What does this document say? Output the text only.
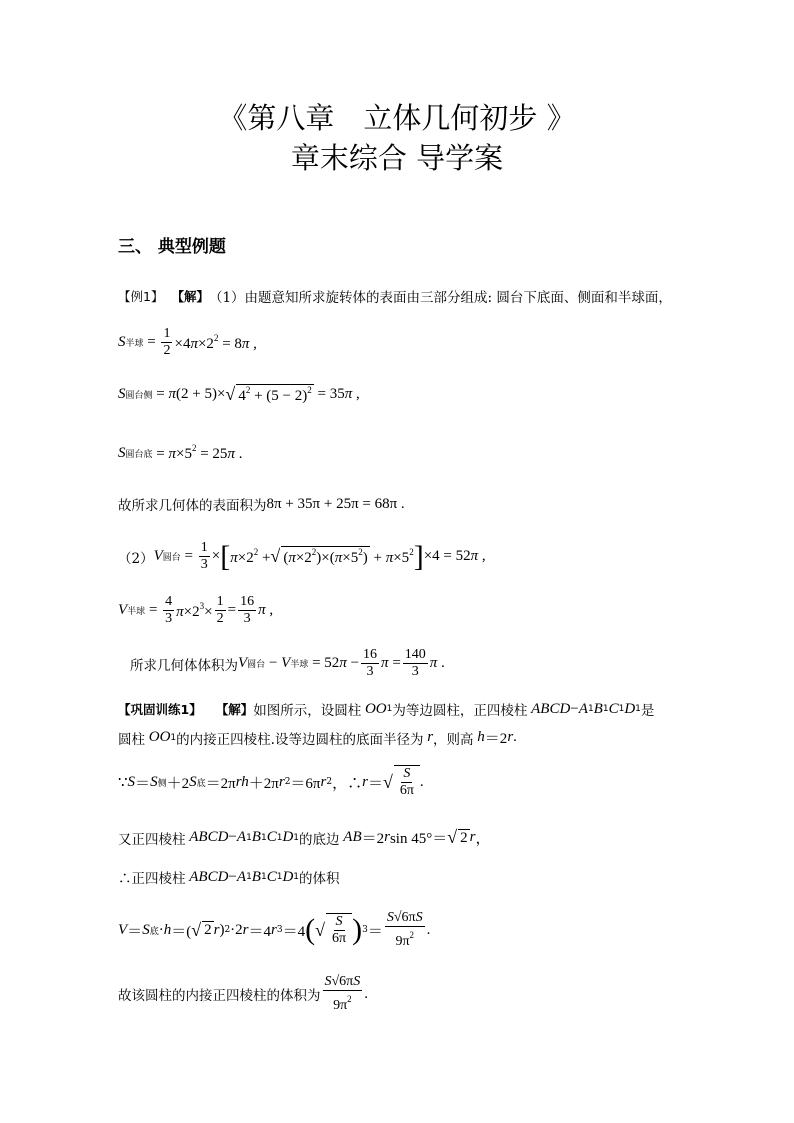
《第八章　立体几何初步 》
章末综合 导学案
三、 典型例题
【例1】 【解】 （1）由题意知所求旋转体的表面由三部分组成: 圆台下底面、侧面和半球面，
S 半球 = $\frac{1}{2} \times 4\pi\times 2^2 = 8\pi$ ,
S 圆台侧 = π(2 + 5)× √ $4^2 + (5 - 2)^2 = 35\pi$ ,
S 圆台底 = $\pi\times 5^2 = 25\pi$ .
故所求几何体的表面积为 8π + 35π + 25π = 68π .
（2） V 圆台 = $\frac{1}{3}$ × [ $\pi\times 2^2$ + √ $(\pi\times 2^2)\times(\pi\times 5^2) + \pi\times 5^2$ ] ×4 = 52π ,
V 半球 = $\frac{4}{3} \pi\times 2^3\times \frac{1}{2} = \frac{16}{3}$ π ,
所求几何体体积为 V 圆台 − V 半球 = $52\pi - \frac{16}{3}$ $\pi = \frac{140}{3}$ π .
【巩固训练1】 【解】 如图所示，设圆柱 OO 1 为等边圆柱，正四棱柱 ABCD − A 1 B 1 C 1 D 1 是
圆柱 OO 1 的内接正四棱柱.设等边圆柱的底面半径为 r ，则高 h ＝2 r .
∵ S ＝ S 侧 ＋2 S 底 ＝2π rh ＋2π r 2 ＝6π r 2 ，∴ r ＝ √ $\frac{S}{6\pi}$ .
又正四棱柱 ABCD − A 1 B 1 C 1 D 1 的底边 AB ＝2 r sin 45°＝ √ 2 r ，
∴正四棱柱 ABCD − A 1 B 1 C 1 D 1 的体积
V ＝ S 底 · h ＝( √ 2 r ) 2 ·2 r ＝4 r 3 ＝4 ( √ $\frac{S}{6\pi}$ ) $3 = \frac{S√6\pi S}{9\pi^2}$ .
故该圆柱的内接正四棱柱的体积为 $\frac{S√6\pi S}{9\pi^2}$ .
